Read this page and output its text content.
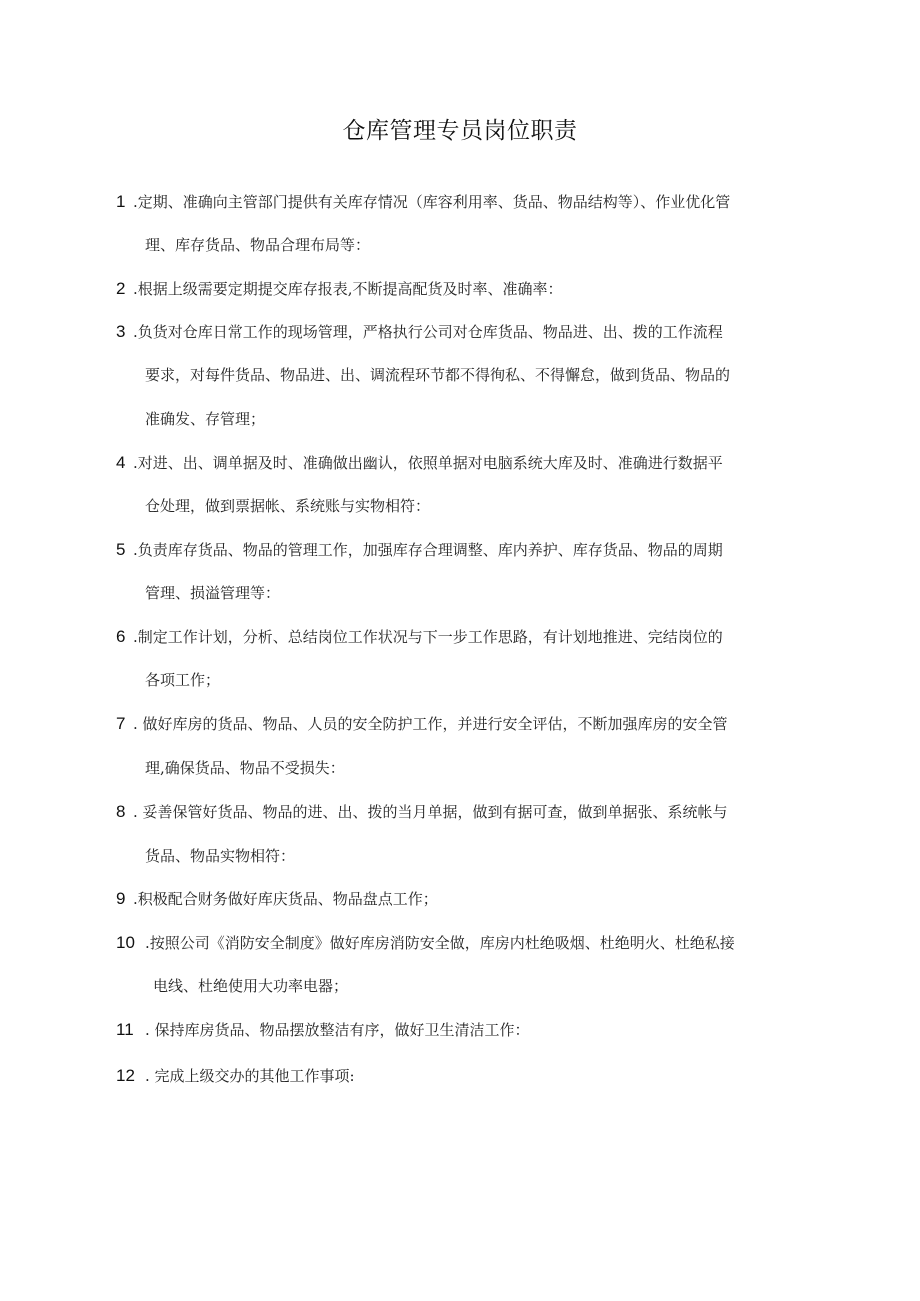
仓库管理专员岗位职责
1 .定期、准确向主管部门提供有关库存情况（库容利用率、货品、物品结构等）、作业优化管
理、库存货品、物品合理布局等：
2 .根据上级需要定期提交库存报表,不断提高配货及时率、准确率：
3 .负货对仓库日常工作的现场管理，严格执行公司对仓库货品、物品进、出、拨的工作流程
要求，对每件货品、物品进、出、调流程环节都不得徇私、不得懈怠，做到货品、物品的
准确发、存管理；
4 .对进、出、调单据及时、准确做出幽认，依照单据对电脑系统大库及时、准确进行数据平
仓处理，做到票据帐、系统账与实物相符：
5 .负责库存货品、物品的管理工作，加强库存合理调整、库内养护、库存货品、物品的周期
管理、损溢管理等：
6 .制定工作计划，分析、总结岗位工作状况与下一步工作思路，有计划地推进、完结岗位的
各项工作；
7 . 做好库房的货品、物品、人员的安全防护工作，并进行安全评估，不断加强库房的安全管
理,确保货品、物品不受损失：
8 . 妥善保管好货品、物品的进、出、拨的当月单据，做到有据可查，做到单据张、系统帐与
货品、物品实物相符：
9 .积极配合财务做好库庆货品、物品盘点工作；
10 .按照公司《消防安全制度》做好库房消防安全做，库房内杜绝吸烟、杜绝明火、杜绝私接
电线、杜绝使用大功率电器；
11 . 保持库房货品、物品摆放整洁有序，做好卫生清洁工作：
12 . 完成上级交办的其他工作事项:
